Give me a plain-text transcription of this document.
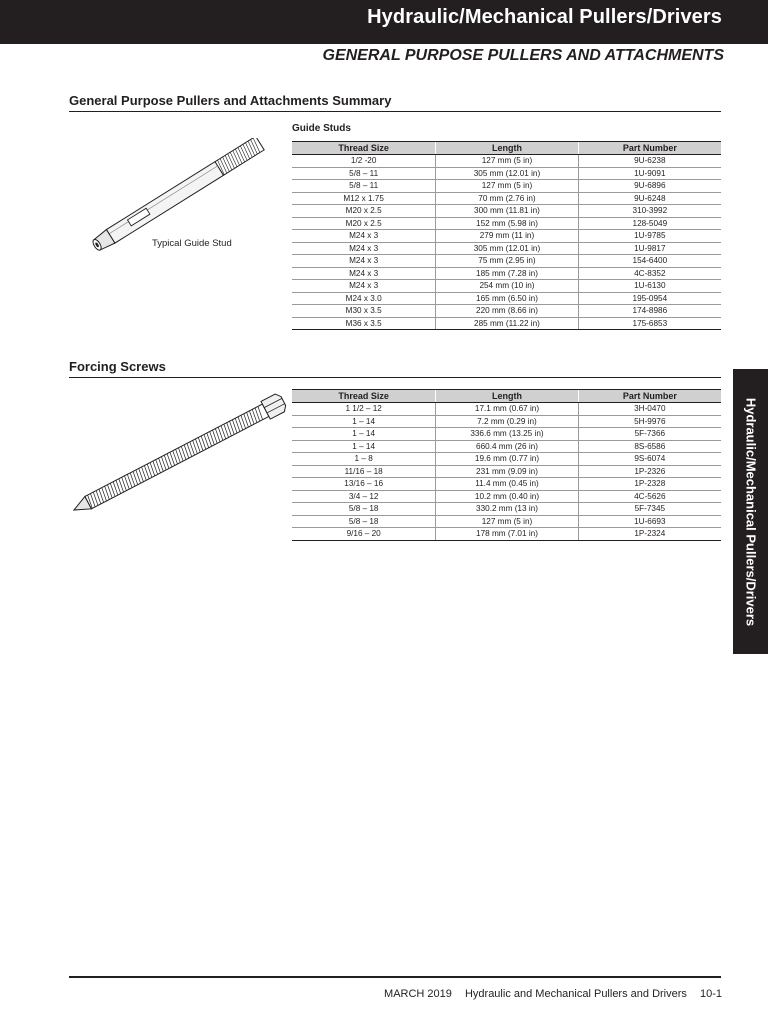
Hydraulic/Mechanical Pullers/Drivers
GENERAL PURPOSE PULLERS AND ATTACHMENTS
General Purpose Pullers and Attachments Summary
Typical Guide Stud
Guide Studs
Thread Size	Length	Part Number
1/2 -20	127 mm (5 in)	9U-6238
5/8 – 11	305 mm (12.01 in)	1U-9091
5/8 – 11	127 mm (5 in)	9U-6896
M12 x 1.75	70 mm (2.76 in)	9U-6248
M20 x 2.5	300 mm (11.81 in)	310-3992
M20 x 2.5	152 mm (5.98 in)	128-5049
M24 x 3	279 mm (11 in)	1U-9785
M24 x 3	305 mm (12.01 in)	1U-9817
M24 x 3	75 mm (2.95 in)	154-6400
M24 x 3	185 mm (7.28 in)	4C-8352
M24 x 3	254 mm (10 in)	1U-6130
M24 x 3.0	165 mm (6.50 in)	195-0954
M30 x 3.5	220 mm (8.66 in)	174-8986
M36 x 3.5	285 mm (11.22 in)	175-6853
Forcing Screws
Thread Size	Length	Part Number
1 1/2 – 12	17.1 mm (0.67 in)	3H-0470
1 – 14	7.2 mm (0.29 in)	5H-9976
1 – 14	336.6 mm (13.25 in)	5F-7366
1 – 14	660.4 mm (26 in)	8S-6586
1 – 8	19.6 mm (0.77 in)	9S-6074
11/16 – 18	231 mm (9.09 in)	1P-2326
13/16 – 16	11.4 mm (0.45 in)	1P-2328
3/4 – 12	10.2 mm (0.40 in)	4C-5626
5/8 – 18	330.2 mm (13 in)	5F-7345
5/8 – 18	127 mm (5 in)	1U-6693
9/16 – 20	178 mm (7.01 in)	1P-2324	Hydraulic/Mechanical Pullers/Drivers
MARCH 2019 Hydraulic and Mechanical Pullers and Drivers 10-1
